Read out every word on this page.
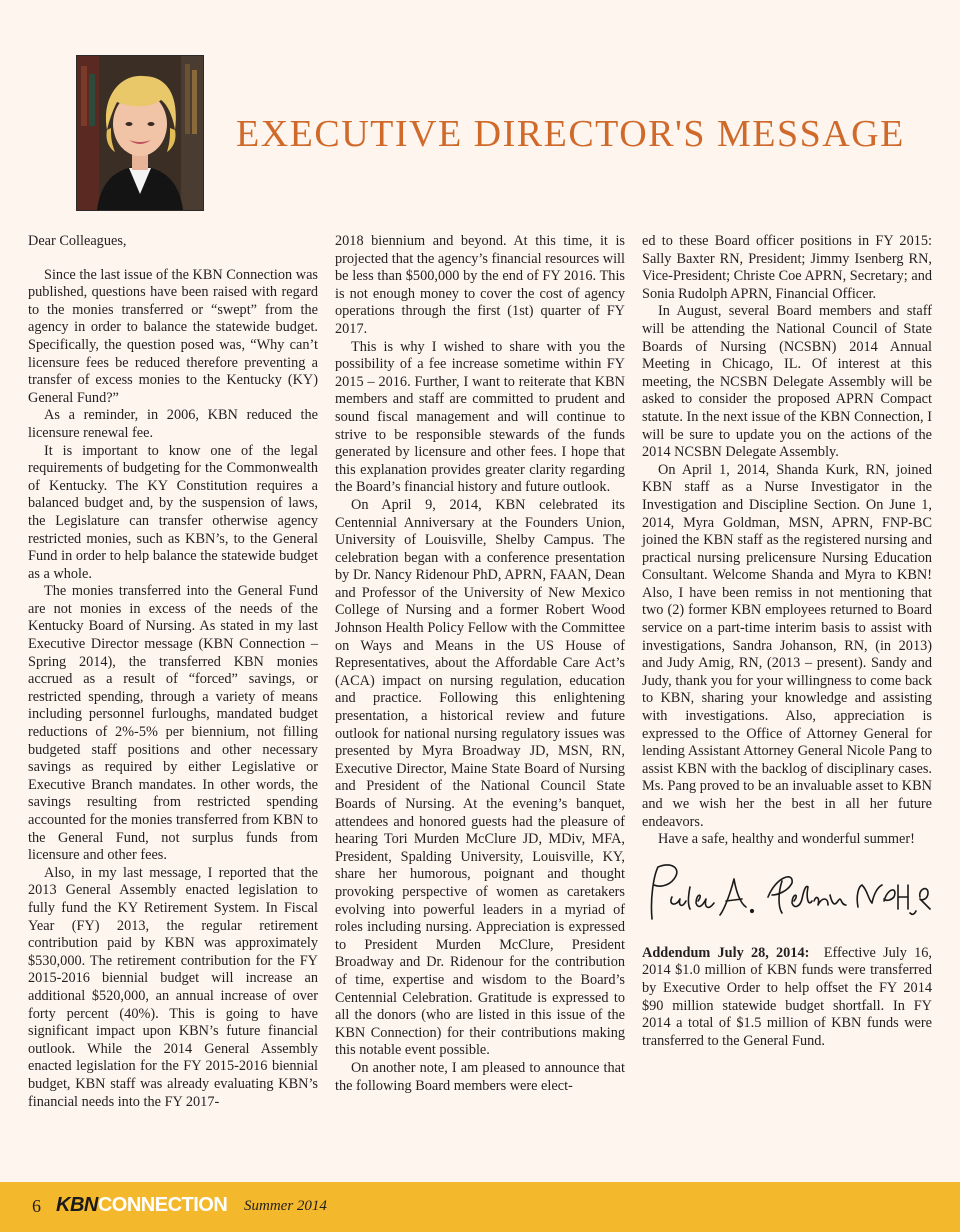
EXECUTIVE DIRECTOR'S MESSAGE

Dear Colleagues,

Since the last issue of the KBN Connection was published, questions have been raised with regard to the monies transferred or “swept” from the agency in order to balance the statewide budget. Specifically, the question posed was, “Why can’t licensure fees be reduced therefore preventing a transfer of excess monies to the Kentucky (KY) General Fund?”

As a reminder, in 2006, KBN reduced the licensure renewal fee.

It is important to know one of the legal requirements of budgeting for the Commonwealth of Kentucky. The KY Constitution requires a balanced budget and, by the suspension of laws, the Legislature can transfer otherwise agency restricted monies, such as KBN’s, to the General Fund in order to help balance the statewide budget as a whole.

The monies transferred into the General Fund are not monies in excess of the needs of the Kentucky Board of Nursing. As stated in my last Executive Director message (KBN Connection – Spring 2014), the transferred KBN monies accrued as a result of “forced” savings, or restricted spending, through a variety of means including personnel furloughs, mandated budget reductions of 2%-5% per biennium, not filling budgeted staff positions and other necessary savings as required by either Legislative or Executive Branch mandates. In other words, the savings resulting from restricted spending accounted for the monies transferred from KBN to the General Fund, not surplus funds from licensure and other fees.

Also, in my last message, I reported that the 2013 General Assembly enacted legislation to fully fund the KY Retirement System. In Fiscal Year (FY) 2013, the regular retirement contribution paid by KBN was approximately $530,000. The retirement contribution for the FY 2015-2016 biennial budget will increase an additional $520,000, an annual increase of over forty percent (40%). This is going to have significant impact upon KBN’s future financial outlook. While the 2014 General Assembly enacted legislation for the FY 2015-2016 biennial budget, KBN staff was already evaluating KBN’s financial needs into the FY 2017-

2018 biennium and beyond. At this time, it is projected that the agency’s financial resources will be less than $500,000 by the end of FY 2016. This is not enough money to cover the cost of agency operations through the first (1st) quarter of FY 2017.

This is why I wished to share with you the possibility of a fee increase sometime within FY 2015 – 2016. Further, I want to reiterate that KBN members and staff are committed to prudent and sound fiscal management and will continue to strive to be responsible stewards of the funds generated by licensure and other fees. I hope that this explanation provides greater clarity regarding the Board’s financial history and future outlook.

On April 9, 2014, KBN celebrated its Centennial Anniversary at the Founders Union, University of Louisville, Shelby Campus. The celebration began with a conference presentation by Dr. Nancy Ridenour PhD, APRN, FAAN, Dean and Professor of the University of New Mexico College of Nursing and a former Robert Wood Johnson Health Policy Fellow with the Committee on Ways and Means in the US House of Representatives, about the Affordable Care Act’s (ACA) impact on nursing regulation, education and practice. Following this enlightening presentation, a historical review and future outlook for national nursing regulatory issues was presented by Myra Broadway JD, MSN, RN, Executive Director, Maine State Board of Nursing and President of the National Council State Boards of Nursing. At the evening’s banquet, attendees and honored guests had the pleasure of hearing Tori Murden McClure JD, MDiv, MFA, President, Spalding University, Louisville, KY, share her humorous, poignant and thought provoking perspective of women as caretakers evolving into powerful leaders in a myriad of roles including nursing. Appreciation is expressed to President Murden McClure, President Broadway and Dr. Ridenour for the contribution of time, expertise and wisdom to the Board’s Centennial Celebration. Gratitude is expressed to all the donors (who are listed in this issue of the KBN Connection) for their contributions making this notable event possible.

On another note, I am pleased to announce that the following Board members were elect-

ed to these Board officer positions in FY 2015: Sally Baxter RN, President; Jimmy Isenberg RN, Vice-President; Christe Coe APRN, Secretary; and Sonia Rudolph APRN, Financial Officer.

In August, several Board members and staff will be attending the National Council of State Boards of Nursing (NCSBN) 2014 Annual Meeting in Chicago, IL. Of interest at this meeting, the NCSBN Delegate Assembly will be asked to consider the proposed APRN Compact statute. In the next issue of the KBN Connection, I will be sure to update you on the actions of the 2014 NCSBN Delegate Assembly.

On April 1, 2014, Shanda Kurk, RN, joined KBN staff as a Nurse Investigator in the Investigation and Discipline Section. On June 1, 2014, Myra Goldman, MSN, APRN, FNP-BC joined the KBN staff as the registered nursing and practical nursing prelicensure Nursing Education Consultant. Welcome Shanda and Myra to KBN! Also, I have been remiss in not mentioning that two (2) former KBN employees returned to Board service on a part-time interim basis to assist with investigations, Sandra Johanson, RN, (in 2013) and Judy Amig, RN, (2013 – present). Sandy and Judy, thank you for your willingness to come back to KBN, sharing your knowledge and assisting with investigations. Also, appreciation is expressed to the Office of Attorney General for lending Assistant Attorney General Nicole Pang to assist KBN with the backlog of disciplinary cases. Ms. Pang proved to be an invaluable asset to KBN and we wish her the best in all her future endeavors.

Have a safe, healthy and wonderful summer!

Addendum July 28, 2014: Effective July 16, 2014 $1.0 million of KBN funds were transferred by Executive Order to help offset the FY 2014 $90 million statewide budget shortfall. In FY 2014 a total of $1.5 million of KBN funds were transferred to the General Fund.

6 KBNCONNECTION Summer 2014
